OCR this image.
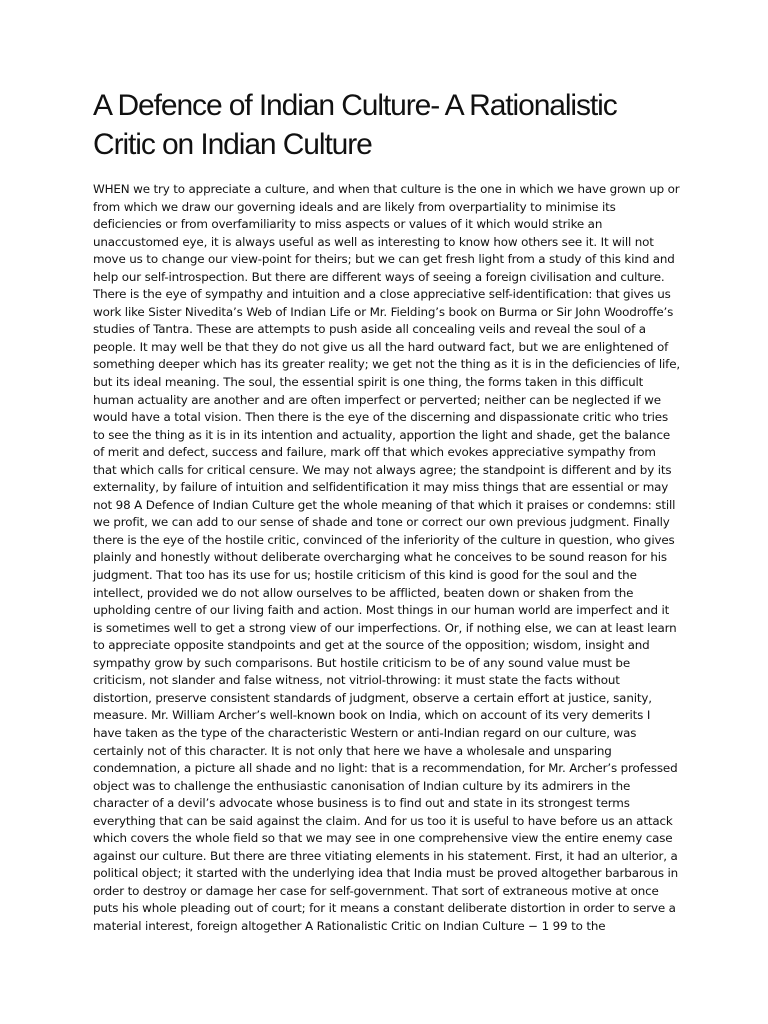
A Defence of Indian Culture- A Rationalistic Critic on Indian Culture

WHEN we try to appreciate a culture, and when that culture is the one in which we have grown up or from which we draw our governing ideals and are likely from overpartiality to minimise its deficiencies or from overfamiliarity to miss aspects or values of it which would strike an unaccustomed eye, it is always useful as well as interesting to know how others see it. It will not move us to change our view-point for theirs; but we can get fresh light from a study of this kind and help our self-introspection. But there are different ways of seeing a foreign civilisation and culture. There is the eye of sympathy and intuition and a close appreciative self-identification: that gives us work like Sister Nivedita’s Web of Indian Life or Mr. Fielding’s book on Burma or Sir John Woodroffe’s studies of Tantra. These are attempts to push aside all concealing veils and reveal the soul of a people. It may well be that they do not give us all the hard outward fact, but we are enlightened of something deeper which has its greater reality; we get not the thing as it is in the deficiencies of life, but its ideal meaning. The soul, the essential spirit is one thing, the forms taken in this difficult human actuality are another and are often imperfect or perverted; neither can be neglected if we would have a total vision. Then there is the eye of the discerning and dispassionate critic who tries to see the thing as it is in its intention and actuality, apportion the light and shade, get the balance of merit and defect, success and failure, mark off that which evokes appreciative sympathy from that which calls for critical censure. We may not always agree; the standpoint is different and by its externality, by failure of intuition and selfidentification it may miss things that are essential or may not 98 A Defence of Indian Culture get the whole meaning of that which it praises or condemns: still we profit, we can add to our sense of shade and tone or correct our own previous judgment. Finally there is the eye of the hostile critic, convinced of the inferiority of the culture in question, who gives plainly and honestly without deliberate overcharging what he conceives to be sound reason for his judgment. That too has its use for us; hostile criticism of this kind is good for the soul and the intellect, provided we do not allow ourselves to be afflicted, beaten down or shaken from the upholding centre of our living faith and action. Most things in our human world are imperfect and it is sometimes well to get a strong view of our imperfections. Or, if nothing else, we can at least learn to appreciate opposite standpoints and get at the source of the opposition; wisdom, insight and sympathy grow by such comparisons. But hostile criticism to be of any sound value must be criticism, not slander and false witness, not vitriol-throwing: it must state the facts without distortion, preserve consistent standards of judgment, observe a certain effort at justice, sanity, measure. Mr. William Archer’s well-known book on India, which on account of its very demerits I have taken as the type of the characteristic Western or anti-Indian regard on our culture, was certainly not of this character. It is not only that here we have a wholesale and unsparing condemnation, a picture all shade and no light: that is a recommendation, for Mr. Archer’s professed object was to challenge the enthusiastic canonisation of Indian culture by its admirers in the character of a devil’s advocate whose business is to find out and state in its strongest terms everything that can be said against the claim. And for us too it is useful to have before us an attack which covers the whole field so that we may see in one comprehensive view the entire enemy case against our culture. But there are three vitiating elements in his statement. First, it had an ulterior, a political object; it started with the underlying idea that India must be proved altogether barbarous in order to destroy or damage her case for self-government. That sort of extraneous motive at once puts his whole pleading out of court; for it means a constant deliberate distortion in order to serve a material interest, foreign altogether A Rationalistic Critic on Indian Culture − 1 99 to the
